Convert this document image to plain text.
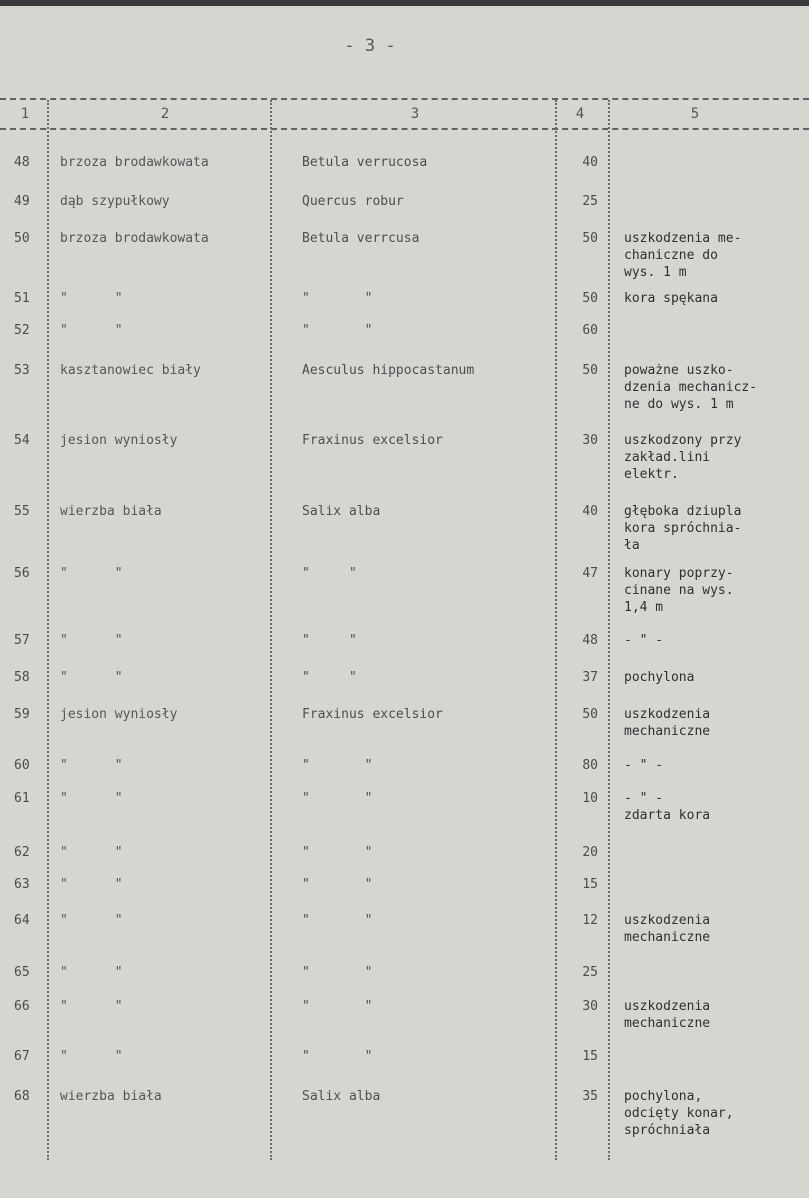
- 3 -
1	2	3	4	5
48	brzoza brodawkowata	Betula verrucosa	40
49	dąb szypułkowy	Quercus robur	25
50	brzoza brodawkowata	Betula verrcusa	50 uszkodzenia me-
chaniczne do
wys. 1 m
51	"      "	"       "	50 kora spękana
52	"      "	"       "	60
53	kasztanowiec biały	Aesculus hippocastanum	50 poważne uszko-
dzenia mechanicz-
ne do wys. 1 m
54	jesion wyniosły	Fraxinus excelsior	30 uszkodzony przy
zakład.lini
elektr.
55	wierzba biała	Salix alba	40 głęboka dziupla
kora spróchnia-
ła
56	"      "	"     "	47 konary poprzy-
cinane na wys.
1,4 m
57	"      "	"     "	48 - " -
58	"      "	"     "	37 pochylona
59	jesion wyniosły	Fraxinus excelsior	50 uszkodzenia
mechaniczne
60	"      "	"       "	80 - " -
61	"      "	"       "	10 - " -
zdarta kora
62	"      "	"       "	20
63	"      "	"       "	15
64	"      "	"       "	12 uszkodzenia
mechaniczne
65	"      "	"       "	25
66	"      "	"       "	30 uszkodzenia
mechaniczne
67	"      "	"       "	15
68	wierzba biała	Salix alba	35 pochylona,
odcięty konar,
spróchniała
